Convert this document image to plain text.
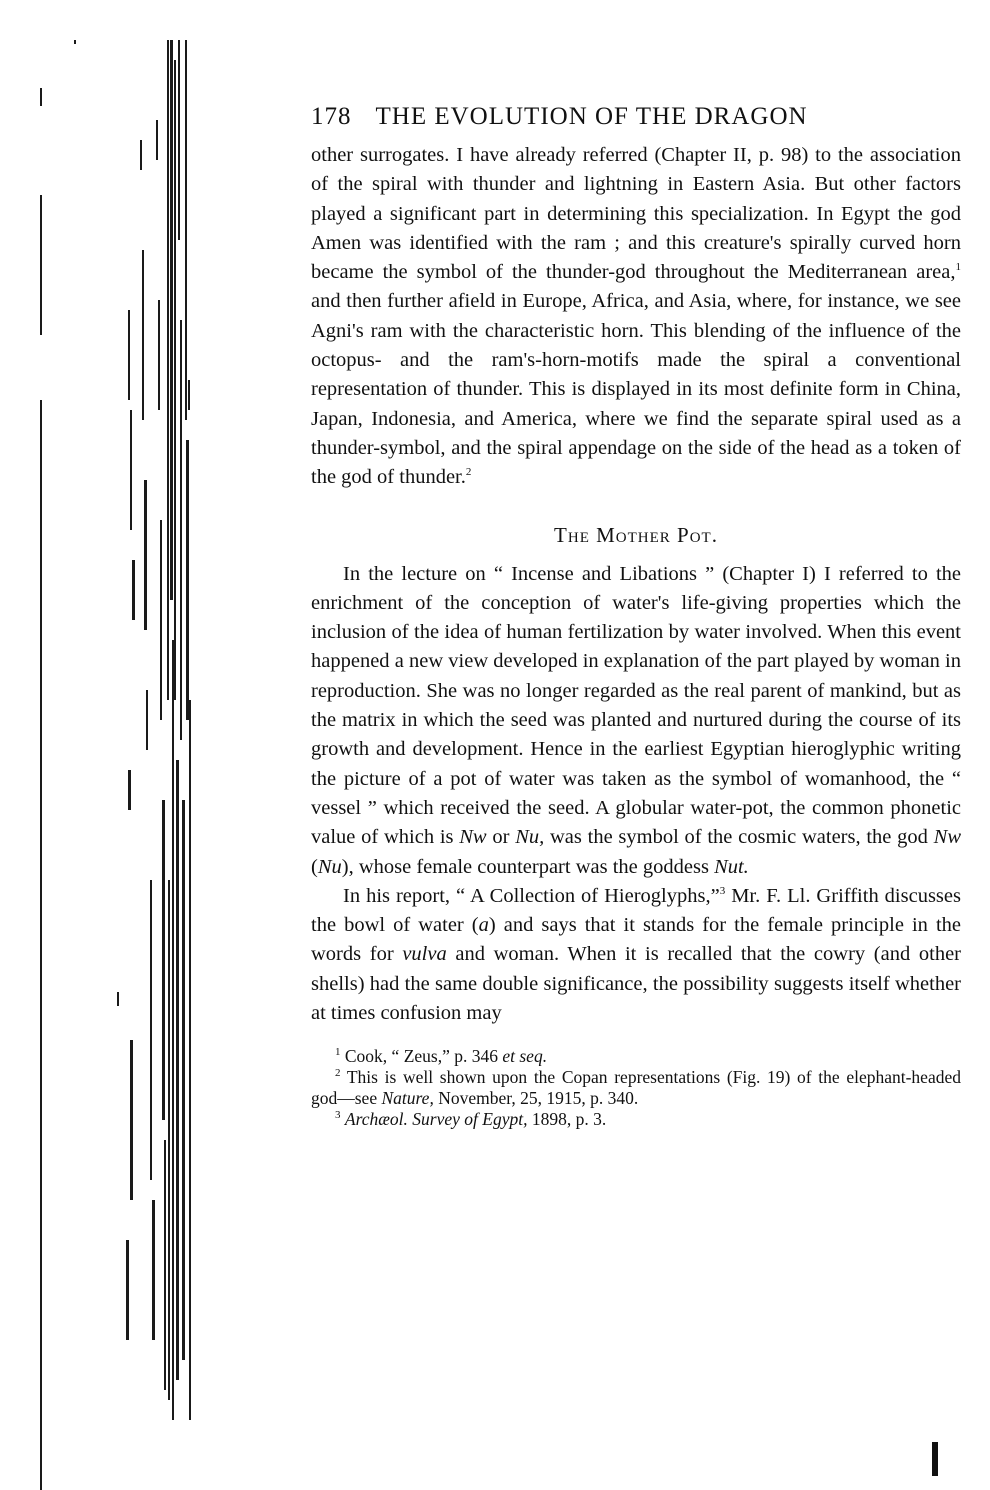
178 THE EVOLUTION OF THE DRAGON

other surrogates. I have already referred (Chapter II, p. 98) to the association of the spiral with thunder and lightning in Eastern Asia. But other factors played a significant part in determining this specialization. In Egypt the god Amen was identified with the ram ; and this creature's spirally curved horn became the symbol of the thunder-god throughout the Mediterranean area,$^1$ and then further afield in Europe, Africa, and Asia, where, for instance, we see Agni's ram with the characteristic horn. This blending of the influence of the octopus- and the ram's-horn-motifs made the spiral a conventional representation of thunder. This is displayed in its most definite form in China, Japan, Indonesia, and America, where we find the separate spiral used as a thunder-symbol, and the spiral appendage on the side of the head as a token of the god of thunder.$^2$

The Mother Pot.

In the lecture on “ Incense and Libations ” (Chapter I) I referred to the enrichment of the conception of water's life-giving properties which the inclusion of the idea of human fertilization by water involved. When this event happened a new view developed in explanation of the part played by woman in reproduction. She was no longer regarded as the real parent of mankind, but as the matrix in which the seed was planted and nurtured during the course of its growth and development. Hence in the earliest Egyptian hieroglyphic writing the picture of a pot of water was taken as the symbol of womanhood, the “ vessel ” which received the seed. A globular water-pot, the common phonetic value of which is Nw or Nu, was the symbol of the cosmic waters, the god Nw (Nu), whose female counterpart was the goddess Nut.

In his report, “ A Collection of Hieroglyphs,”$^3$ Mr. F. Ll. Griffith discusses the bowl of water (a) and says that it stands for the female principle in the words for vulva and woman. When it is recalled that the cowry (and other shells) had the same double significance, the possibility suggests itself whether at times confusion may

$^1$ Cook, “ Zeus,” p. 346 et seq.

$^2$ This is well shown upon the Copan representations (Fig. 19) of the elephant-headed god—see Nature, November, 25, 1915, p. 340.

$^3$ Archæol. Survey of Egypt, 1898, p. 3.
